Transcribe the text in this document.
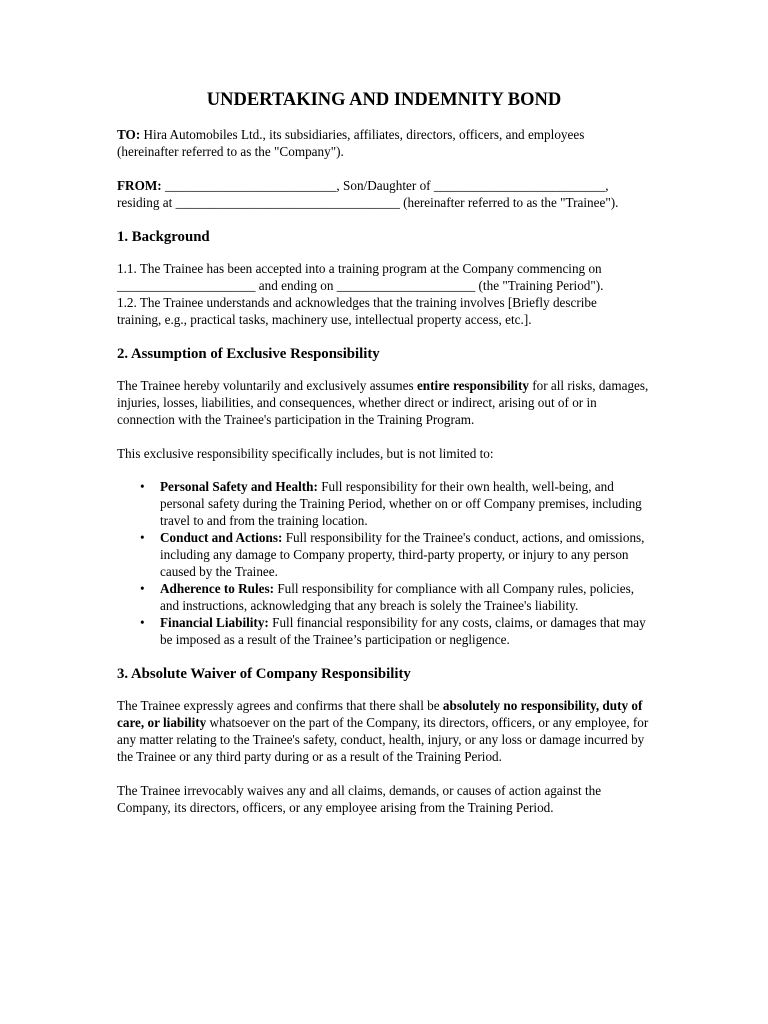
UNDERTAKING AND INDEMNITY BOND

TO: Hira Automobiles Ltd., its subsidiaries, affiliates, directors, officers, and employees
(hereinafter referred to as the "Company").

FROM: __________________________, Son/Daughter of __________________________,
residing at __________________________________ (hereinafter referred to as the "Trainee").

1. Background

1.1. The Trainee has been accepted into a training program at the Company commencing on
_____________________ and ending on _____________________ (the "Training Period").

1.2. The Trainee understands and acknowledges that the training involves [Briefly describe
training, e.g., practical tasks, machinery use, intellectual property access, etc.].

2. Assumption of Exclusive Responsibility

The Trainee hereby voluntarily and exclusively assumes entire responsibility for all risks, damages, injuries, losses, liabilities, and consequences, whether direct or indirect, arising out of or in connection with the Trainee's participation in the Training Program.

This exclusive responsibility specifically includes, but is not limited to:

• Personal Safety and Health: Full responsibility for their own health, well-being, and personal safety during the Training Period, whether on or off Company premises, including travel to and from the training location.
• Conduct and Actions: Full responsibility for the Trainee's conduct, actions, and omissions, including any damage to Company property, third-party property, or injury to any person caused by the Trainee.
• Adherence to Rules: Full responsibility for compliance with all Company rules, policies, and instructions, acknowledging that any breach is solely the Trainee's liability.
• Financial Liability: Full financial responsibility for any costs, claims, or damages that may be imposed as a result of the Trainee’s participation or negligence.
3. Absolute Waiver of Company Responsibility

The Trainee expressly agrees and confirms that there shall be absolutely no responsibility, duty of care, or liability whatsoever on the part of the Company, its directors, officers, or any employee, for any matter relating to the Trainee's safety, conduct, health, injury, or any loss or damage incurred by the Trainee or any third party during or as a result of the Training Period.

The Trainee irrevocably waives any and all claims, demands, or causes of action against the Company, its directors, officers, or any employee arising from the Training Period.
